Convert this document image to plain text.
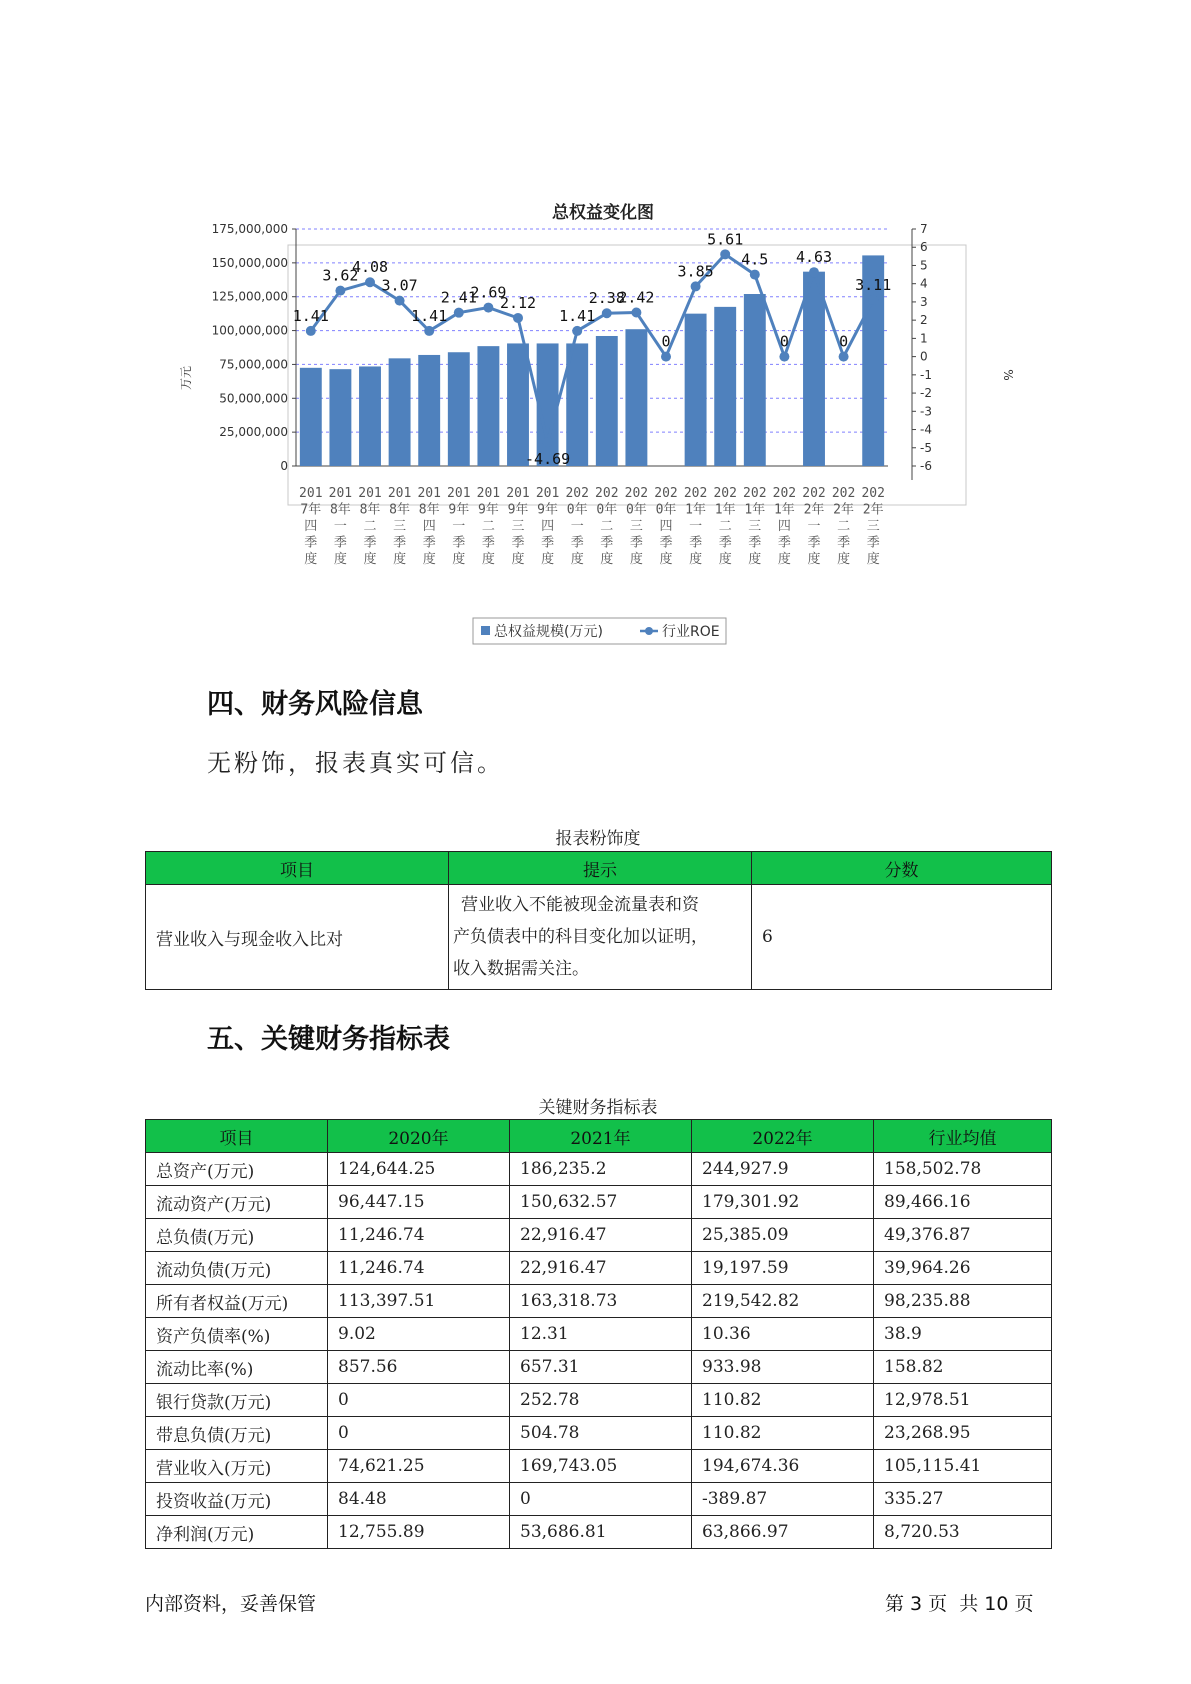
总权益变化图
0
25,000,000
50,000,000
75,000,000
100,000,000
125,000,000
150,000,000
175,000,000
-6
-5
-4
-3
-2
-1
0
1
2
3
4
5
6
7
1.41
3.62
4.08
3.07
1.41
2.41
2.69
2.12
-4.69
1.41
2.38
2.42
0
3.85
5.61
4.5
0
4.63
0
3.11
201
7年
四
季
度
201
8年
一
季
度
201
8年
二
季
度
201
8年
三
季
度
201
8年
四
季
度
201
9年
一
季
度
201
9年
二
季
度
201
9年
三
季
度
201
9年
四
季
度
202
0年
一
季
度
202
0年
二
季
度
202
0年
三
季
度
202
0年
四
季
度
202
1年
一
季
度
202
1年
二
季
度
202
1年
三
季
度
202
1年
四
季
度
202
2年
一
季
度
202
2年
二
季
度
202
2年
三
季
度
万元	%
总权益规模(万元)	行业ROE
四、财务风险信息

无粉饰，报表真实可信。

报表粉饰度
项目	提示	分数
营业收入与现金收入比对	营业收入不能被现金流量表和资
产负债表中的科目变化加以证明，
收入数据需关注。	6
五、关键财务指标表
关键财务指标表
项目	2020年	2021年	2022年	行业均值
总资产(万元)	124,644.25	186,235.2	244,927.9	158,502.78
流动资产(万元)	96,447.15	150,632.57	179,301.92	89,466.16
总负债(万元)	11,246.74	22,916.47	25,385.09	49,376.87
流动负债(万元)	11,246.74	22,916.47	19,197.59	39,964.26
所有者权益(万元)	113,397.51	163,318.73	219,542.82	98,235.88
资产负债率(%)	9.02	12.31	10.36	38.9
流动比率(%)	857.56	657.31	933.98	158.82
银行贷款(万元)	0	252.78	110.82	12,978.51
带息负债(万元)	0	504.78	110.82	23,268.95
营业收入(万元)	74,621.25	169,743.05	194,674.36	105,115.41
投资收益(万元)	84.48	0	-389.87	335.27
净利润(万元)	12,755.89	53,686.81	63,866.97	8,720.53
内部资料，妥善保管	第 3 页  共 10 页
